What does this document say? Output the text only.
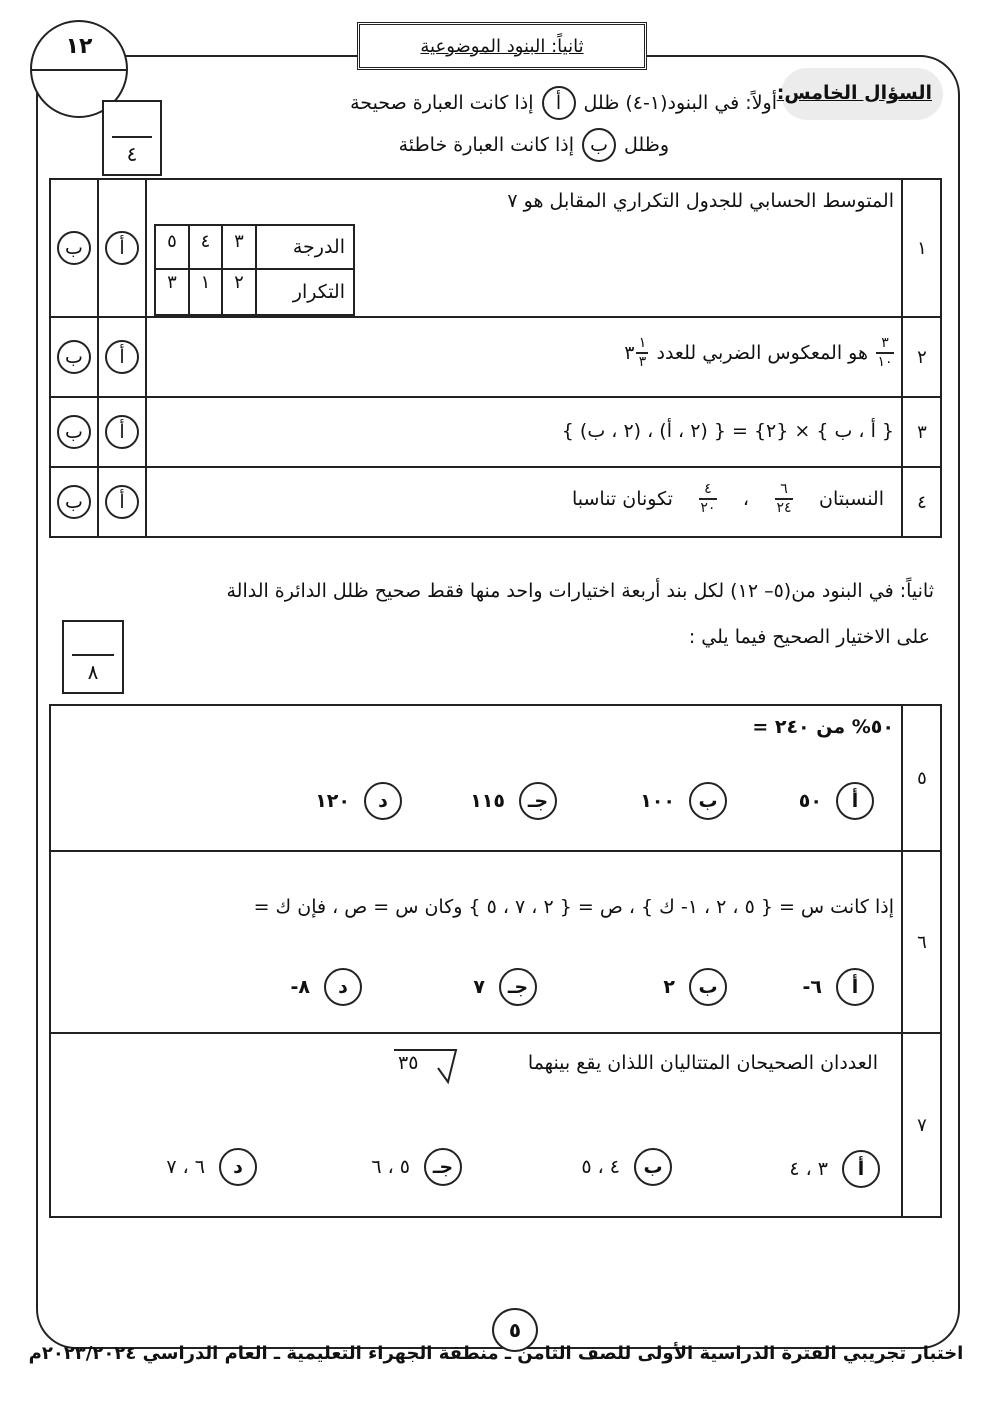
ثانياً: البنود الموضوعية
١٢
٤
السؤال الخامس:
أولاً: في البنود(١-٤) ظلل
أ
إذا كانت العبارة صحيحة
وظلل
ب
إذا كانت العبارة خاطئة
١
٢
٣
٤
أ
ب
أ
ب
أ
ب
أ
ب
المتوسط الحسابي للجدول التكراري المقابل هو ٧
الدرجة
٣
٤
٥
التكرار
٢
١
٣
$\frac{٣}{١٠}$
هو المعكوس الضربي للعدد
٣ $\frac{١}{٣}$
{ أ ، ب } × {٢} = { (٢ ، أ) ، (٢ ، ب) }
النسبتان
$\frac{٦}{٢٤}$
،
$\frac{٤}{٢٠}$
تكونان تناسبا
ثانياً: في البنود من(٥– ١٢) لكل بند أربعة اختيارات واحد منها فقط صحيح ظلل الدائرة الدالة
على الاختيار الصحيح فيما يلي :
٨
٥
٦
٧
٥٠% من ٢٤٠ =
أ
٥٠
ب
١٠٠
جـ
١١٥
د
١٢٠
إذا كانت س = { ٥ ، ٢ ، ١- ك } ، ص = { ٢ ، ٧ ، ٥ } وكان س = ص ، فإن ك =
أ
٦-
ب
٢
جـ
٧
د
٨-
العددان الصحيحان المتتاليان اللذان يقع بينهما
٣٥
أ
٣ ، ٤
ب
٤ ، ٥
جـ
٥ ، ٦
د
٦ ، ٧
٥
اختبار تجريبي الفترة الدراسية الأولى للصف الثامن ـ منطقة الجهراء التعليمية ـ العام الدراسي ٢٠٢٣/٢٠٢٤م
